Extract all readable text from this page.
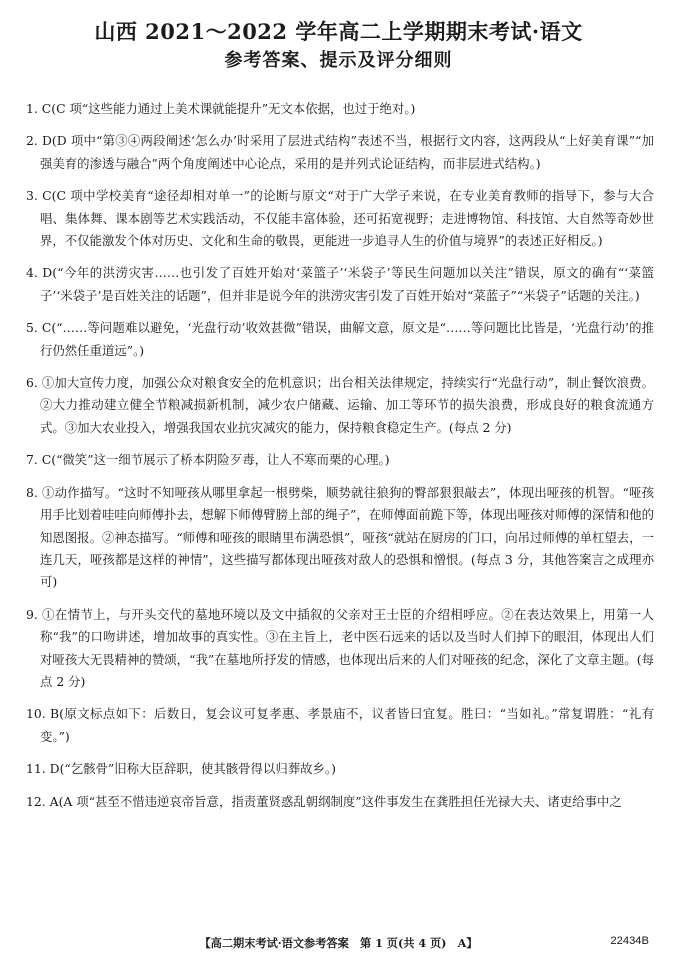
山西 2021～2022 学年高二上学期期末考试·语文
参考答案、提示及评分细则

1. C(C 项“这些能力通过上美术课就能提升”无文本依据，也过于绝对。)

2. D(D 项中“第③④两段阐述‘怎么办’时采用了层进式结构”表述不当，根据行文内容，这两段从“上好美育课”“加强美育的渗透与融合”两个角度阐述中心论点，采用的是并列式论证结构，而非层进式结构。)

3. C(C 项中学校美育“途径却相对单一”的论断与原文“对于广大学子来说，在专业美育教师的指导下，参与大合唱、集体舞、课本剧等艺术实践活动，不仅能丰富体验，还可拓宽视野；走进博物馆、科技馆、大自然等奇妙世界，不仅能激发个体对历史、文化和生命的敬畏，更能进一步追寻人生的价值与境界”的表述正好相反。)

4. D(“今年的洪涝灾害……也引发了百姓开始对‘菜篮子’‘米袋子’等民生问题加以关注”错误，原文的确有“‘菜篮子’‘米袋子’是百姓关注的话题”，但并非是说今年的洪涝灾害引发了百姓开始对“菜蓝子”“米袋子”话题的关注。)

5. C(“……等问题难以避免，‘光盘行动’收效甚微”错误，曲解文意，原文是“……等问题比比皆是，‘光盘行动’的推行仍然任重道远”。)

6. ①加大宣传力度，加强公众对粮食安全的危机意识；出台相关法律规定，持续实行“光盘行动”，制止餐饮浪费。②大力推动建立健全节粮减损新机制，减少农户储藏、运输、加工等环节的损失浪费，形成良好的粮食流通方式。③加大农业投入，增强我国农业抗灾减灾的能力，保持粮食稳定生产。(每点 2 分)

7. C(“微笑”这一细节展示了桥本阴险歹毒，让人不寒而栗的心理。)

8. ①动作描写。“这时不知哑孩从哪里拿起一根劈柴，顺势就往狼狗的臀部狠狠敲去”，体现出哑孩的机智。“哑孩用手比划着哇哇向师傅扑去，想解下师傅臂膀上部的绳子”，在师傅面前跪下等，体现出哑孩对师傅的深情和他的知恩图报。②神态描写。“师傅和哑孩的眼睛里布满恐惧”，哑孩“就站在厨房的门口，向吊过师傅的单杠望去，一连几天，哑孩都是这样的神情”，这些描写都体现出哑孩对敌人的恐惧和憎恨。(每点 3 分，其他答案言之成理亦可)

9. ①在情节上，与开头交代的墓地环境以及文中插叙的父亲对王士臣的介绍相呼应。②在表达效果上，用第一人称“我”的口吻讲述，增加故事的真实性。③在主旨上，老中医石远来的话以及当时人们掉下的眼泪，体现出人们对哑孩大无畏精神的赞颂，“我”在墓地所抒发的情感，也体现出后来的人们对哑孩的纪念，深化了文章主题。(每点 2 分)

10. B(原文标点如下：后数日，复会议可复孝惠、孝景庙不，议者皆曰宜复。胜曰：“当如礼。”常复谓胜：“礼有变。”)

11. D(“乞骸骨”旧称大臣辞职，使其骸骨得以归葬故乡。)

12. A(A 项“甚至不惜违逆哀帝旨意，指责董贤惑乱朝纲制度”这件事发生在龚胜担任光禄大夫、诸吏给事中之

【高二期末考试·语文参考答案　第 1 页(共 4 页)　A】	22434B
